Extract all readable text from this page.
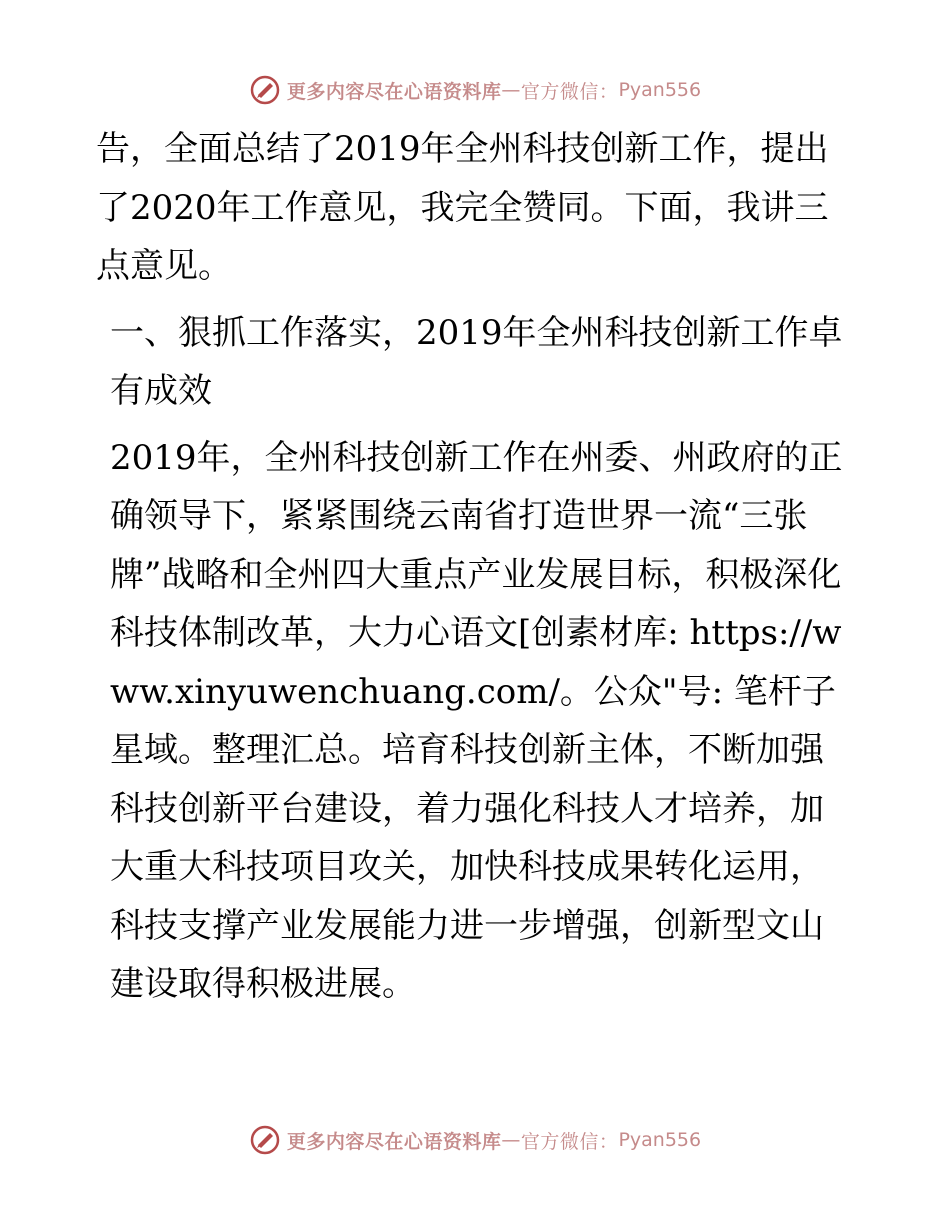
更多内容尽在心语资料库 — 官方微信： Pyan556

告，全面总结了2019年全州科技创新工作，提出了2020年工作意见，我完全赞同。下面，我讲三点意见。

一、狠抓工作落实，2019年全州科技创新工作卓有成效

2019年，全州科技创新工作在州委、州政府的正确领导下，紧紧围绕云南省打造世界一流“三张牌”战略和全州四大重点产业发展目标，积极深化科技体制改革，大力心语文[创素材库: https://www.xinyuwenchuang.com/。公众"号: 笔杆子星域。整理汇总。培育科技创新主体，不断加强科技创新平台建设，着力强化科技人才培养，加大重大科技项目攻关，加快科技成果转化运用，科技支撑产业发展能力进一步增强，创新型文山建设取得积极进展。

更多内容尽在心语资料库 — 官方微信： Pyan556
